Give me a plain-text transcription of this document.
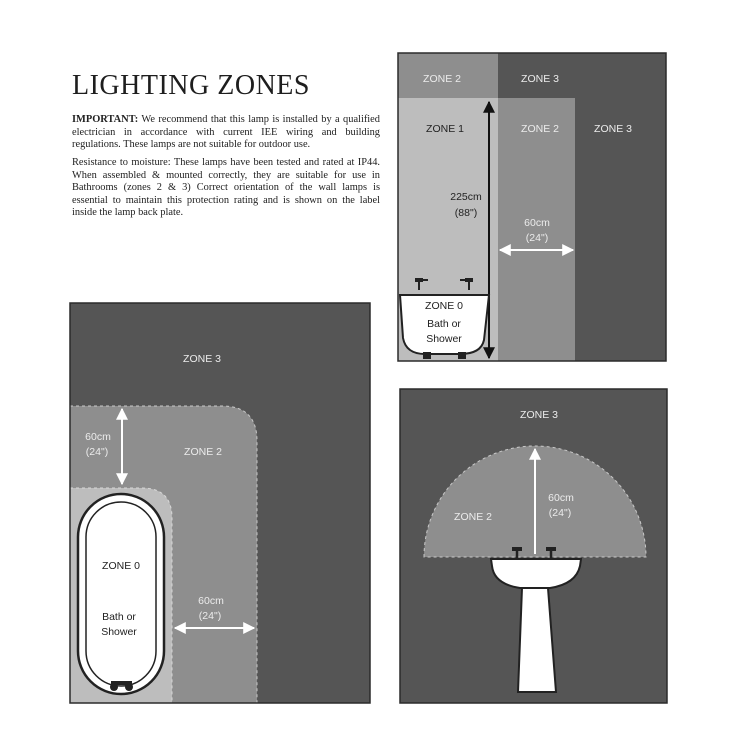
LIGHTING ZONES

IMPORTANT: We recommend that this lamp is installed by a qualified electrician in accordance with current IEE wiring and building regulations. These lamps are not suitable for outdoor use.

Resistance to moisture: These lamps have been tested and rated at IP44. When assembled & mounted correctly, they are suitable for use in Bathrooms (zones 2 & 3) Correct orientation of the wall lamps is essential to maintain this protection rating and is shown on the label inside the lamp back plate.

ZONE 2	ZONE 3
ZONE 1	ZONE 2	ZONE 3
225cm
(88")
60cm
(24")
ZONE 0
Bath or
Shower
ZONE 3
ZONE 2
60cm
(24")
60cm
(24")
ZONE 0
Bath or
Shower
ZONE 3
ZONE 2
60cm
(24")
